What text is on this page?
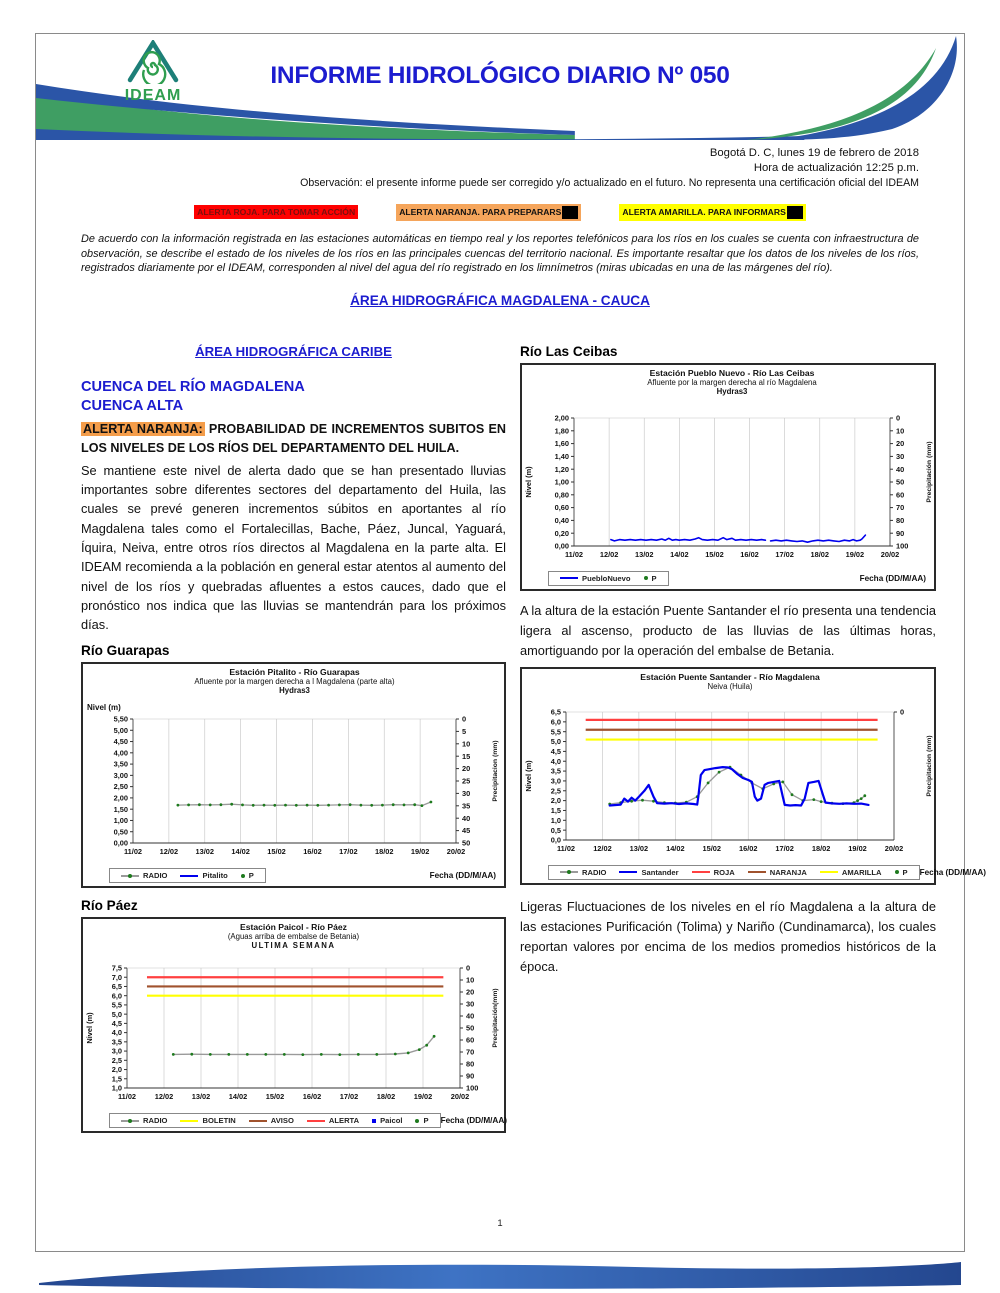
IDEAM
INFORME HIDROLÓGICO DIARIO Nº 050
Bogotá D. C, lunes 19 de febrero de 2018
Hora de actualización 12:25 p.m.
Observación: el presente informe puede ser corregido y/o actualizado en el futuro. No representa una certificación oficial del IDEAM
ALERTA ROJA. PARA TOMAR ACCIÓN	ALERTA NARANJA. PARA PREPARARS	ALERTA AMARILLA. PARA INFORMARS

De acuerdo con la información registrada en las estaciones automáticas en tiempo real y los reportes telefónicos para los ríos en los cuales se cuenta con infraestructura de observación, se describe el estado de los niveles de los ríos en las principales cuencas del territorio nacional. Es importante resaltar que los datos de los niveles de los ríos, registrados diariamente por el IDEAM, corresponden al nivel del agua del río registrado en los limnímetros (miras ubicadas en una de las márgenes del río).

ÁREA HIDROGRÁFICA MAGDALENA - CAUCA
ÁREA HIDROGRÁFICA CARIBE
CUENCA DEL RÍO MAGDALENA
CUENCA ALTA

ALERTA NARANJA: PROBABILIDAD DE INCREMENTOS SUBITOS EN LOS NIVELES DE LOS RÍOS DEL DEPARTAMENTO DEL HUILA.

Se mantiene este nivel de alerta dado que se han presentado lluvias importantes sobre diferentes sectores del departamento del Huila, las cuales se prevé generen incrementos súbitos en aportantes al río Magdalena tales como el Fortalecillas, Bache, Páez, Juncal, Yaguará, Íquira, Neiva, entre otros ríos directos al Magdalena en la parte alta. El IDEAM recomienda a la población en general estar atentos al aumento del nivel de los ríos y quebradas afluentes a estos cauces, dado que el pronóstico nos indica que las lluvias se mantendrán para los próximos días.

Río Guarapas
Estación Pitalito - Río Guarapas
Afluente por la margen derecha a l Magdalena (parte alta)
Hydras3
11/02 12/02 13/02 14/02 15/02 16/02 17/02 18/02 19/02 20/02
5,50
5,00
4,50
4,00
3,50
3,00
2,50
2,00
1,50
1,00
0,50
0,00
0
5
10
15
20
25
30
35
40
45
50
Nivel (m)
Precipitacion (mm)
RADIO	Pitalito	P	Fecha (DD/M/AA)
Río Páez
Estación Paicol - Río Páez
(Aguas arriba de embalse de Betania)
ULTIMA SEMANA
11/02	12/02	13/02	14/02	15/02	16/02	17/02	18/02	19/02	20/02
7,5
7,0
6,5
6,0
5,5
5,0
4,5
4,0
3,5
3,0
2,5
2,0
1,5
1,0
0
10
20
30
40
50
60
70
80
90
100
Nivel (m)	Precipitación(mm)
RADIO	BOLETIN	AVISO	ALERTA	Paicol	P Fecha (DD/M/AA)
Río Las Ceibas
Estación Pueblo Nuevo - Río Las Ceibas
Afluente por la margen derecha al río Magdalena
Hydras3
11/02 12/02 13/02 14/02 15/02 16/02 17/02 18/02 19/02 20/02
2,00
1,80
1,60
1,40
1,20
1,00
0,80
0,60
0,40
0,20
0,00
0
10
20
30
40
50
60
70
80
90
100
Nivel (m)	Precipitación (mm)
PuebloNuevo	P	Fecha (DD/M/AA)

A la altura de la estación Puente Santander el río presenta una tendencia ligera al ascenso, producto de las lluvias de las últimas horas, amortiguando por la operación del embalse de Betania.

Estación Puente Santander - Río Magdalena
Neiva (Huila)
11/02 12/02 13/02 14/02 15/02 16/02 17/02 18/02 19/02 20/02
6,5
6,0
5,5
5,0
4,5
4,0
3,5
3,0
2,5
2,0
1,5
1,0
0,5
0,0
0
Nivel (m)	Precipitacion (mm)
RADIO	Santander	ROJA	NARANJA	AMARILLA	P Fecha (DD/M/AA)

Ligeras Fluctuaciones de los niveles en el río Magdalena a la altura de las estaciones Purificación (Tolima) y Nariño (Cundinamarca), los cuales reportan valores por encima de los medios promedios históricos de la época.

1
